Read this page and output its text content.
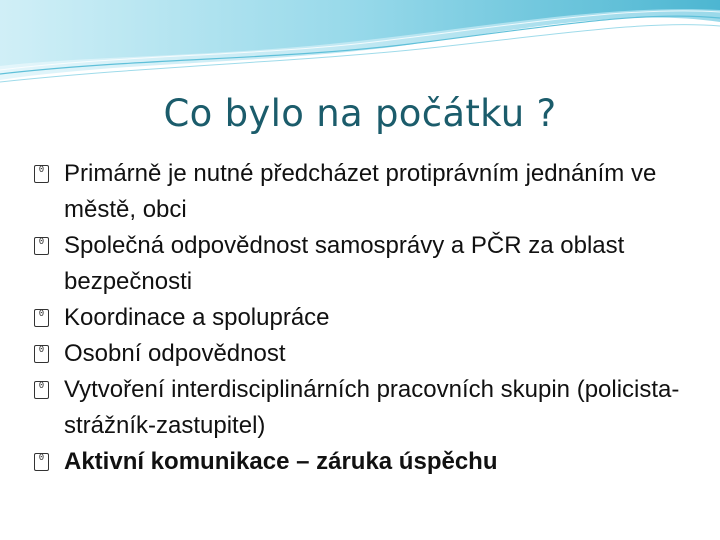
Co bylo na počátku ?
0 Primárně je nutné předcházet protiprávním jednáním ve městě, obci
0 Společná odpovědnost samosprávy a PČR za oblast bezpečnosti
0 Koordinace a spolupráce
0 Osobní odpovědnost
0 Vytvoření interdisciplinárních pracovních skupin (policista-strážník-zastupitel)
0 Aktivní komunikace – záruka úspěchu
